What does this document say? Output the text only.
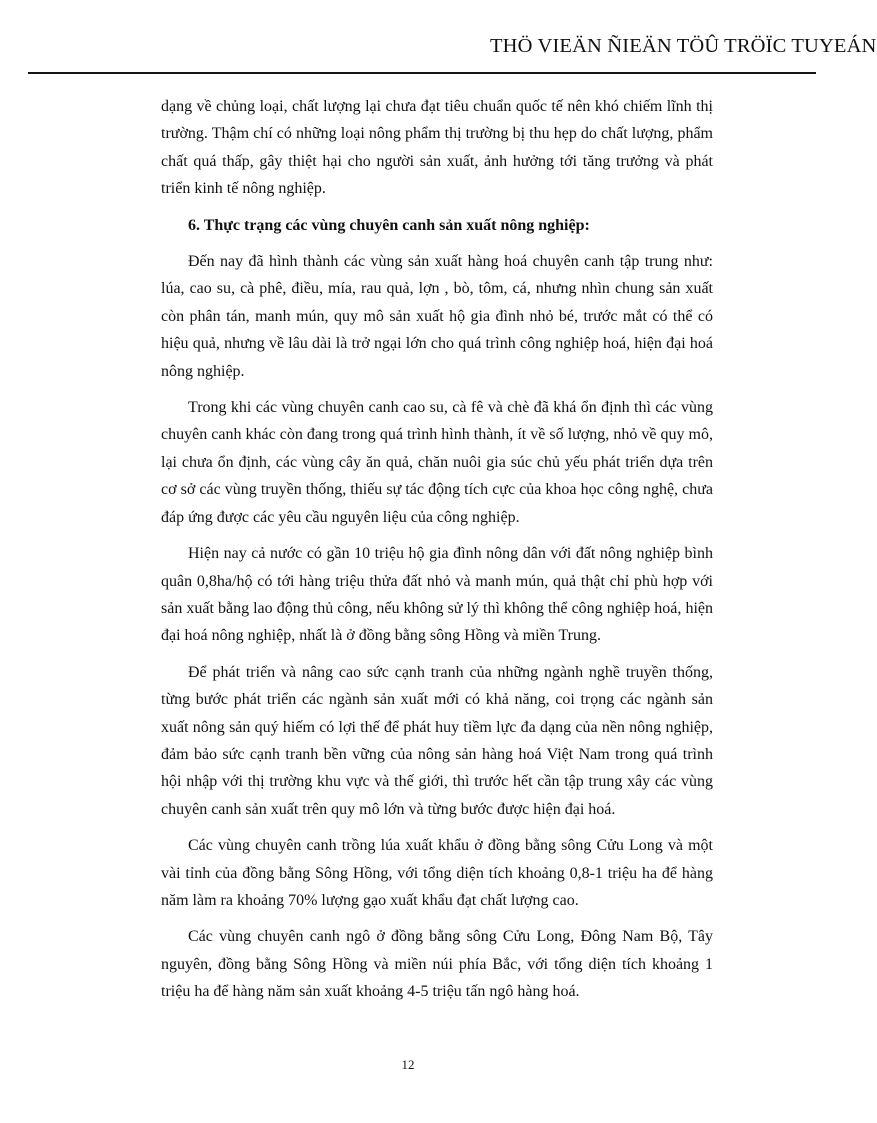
THÖ VIEÄN ÑIEÄN TÖÛ TRÖÏC TUYEÁN

dạng về chủng loại, chất lượng lại chưa đạt tiêu chuẩn quốc tế nên khó chiếm lĩnh thị trường. Thậm chí có những loại nông phẩm thị trường bị thu hẹp do chất lượng, phẩm chất quá thấp, gây thiệt hại cho người sản xuất, ảnh hưởng tới tăng trưởng và phát triển kinh tế nông nghiệp.

6. Thực trạng các vùng chuyên canh sản xuất nông nghiệp:

Đến nay đã hình thành các vùng sản xuất hàng hoá chuyên canh tập trung như: lúa, cao su, cà phê, điều, mía, rau quả, lợn , bò, tôm, cá, nhưng nhìn chung sản xuất còn phân tán, manh mún, quy mô sản xuất hộ gia đình nhỏ bé, trước mắt có thể có hiệu quả, nhưng về lâu dài là trở ngại lớn cho quá trình công nghiệp hoá, hiện đại hoá nông nghiệp.

Trong khi các vùng chuyên canh cao su, cà fê và chè đã khá ổn định thì các vùng chuyên canh khác còn đang trong quá trình hình thành, ít về số lượng, nhỏ về quy mô, lại chưa ổn định, các vùng cây ăn quả, chăn nuôi gia súc chủ yếu phát triển dựa trên cơ sở các vùng truyền thống, thiếu sự tác động tích cực của khoa học công nghệ, chưa đáp ứng được các yêu cầu nguyên liệu của công nghiệp.

Hiện nay cả nước có gần 10 triệu hộ gia đình nông dân với đất nông nghiệp bình quân 0,8ha/hộ có tới hàng triệu thửa đất nhỏ và manh mún, quả thật chỉ phù hợp với sản xuất bằng lao động thủ công, nếu không sử lý thì không thể công nghiệp hoá, hiện đại hoá nông nghiệp, nhất là ở đồng bằng sông Hồng và miền Trung.

Để phát triển và nâng cao sức cạnh tranh của những ngành nghề truyền thống, từng bước phát triển các ngành sản xuất mới có khả năng, coi trọng các ngành sản xuất nông sản quý hiếm có lợi thế để phát huy tiềm lực đa dạng của nền nông nghiệp, đảm bảo sức cạnh tranh bền vững của nông sản hàng hoá Việt Nam trong quá trình hội nhập với thị trường khu vực và thế giới, thì trước hết cần tập trung xây các vùng chuyên canh sản xuất trên quy mô lớn và từng bước được hiện đại hoá.

Các vùng chuyên canh trồng lúa xuất khẩu ở đồng bằng sông Cửu Long và một vài tỉnh của đồng bằng Sông Hồng, với tổng diện tích khoảng 0,8-1 triệu ha để hàng năm làm ra khoảng 70% lượng gạo xuất khẩu đạt chất lượng cao.

Các vùng chuyên canh ngô ở đồng bằng sông Cửu Long, Đông Nam Bộ, Tây nguyên, đồng bằng Sông Hồng và miền núi phía Bắc, với tổng diện tích khoảng 1 triệu ha để hàng năm sản xuất khoảng 4-5 triệu tấn ngô hàng hoá.

12
